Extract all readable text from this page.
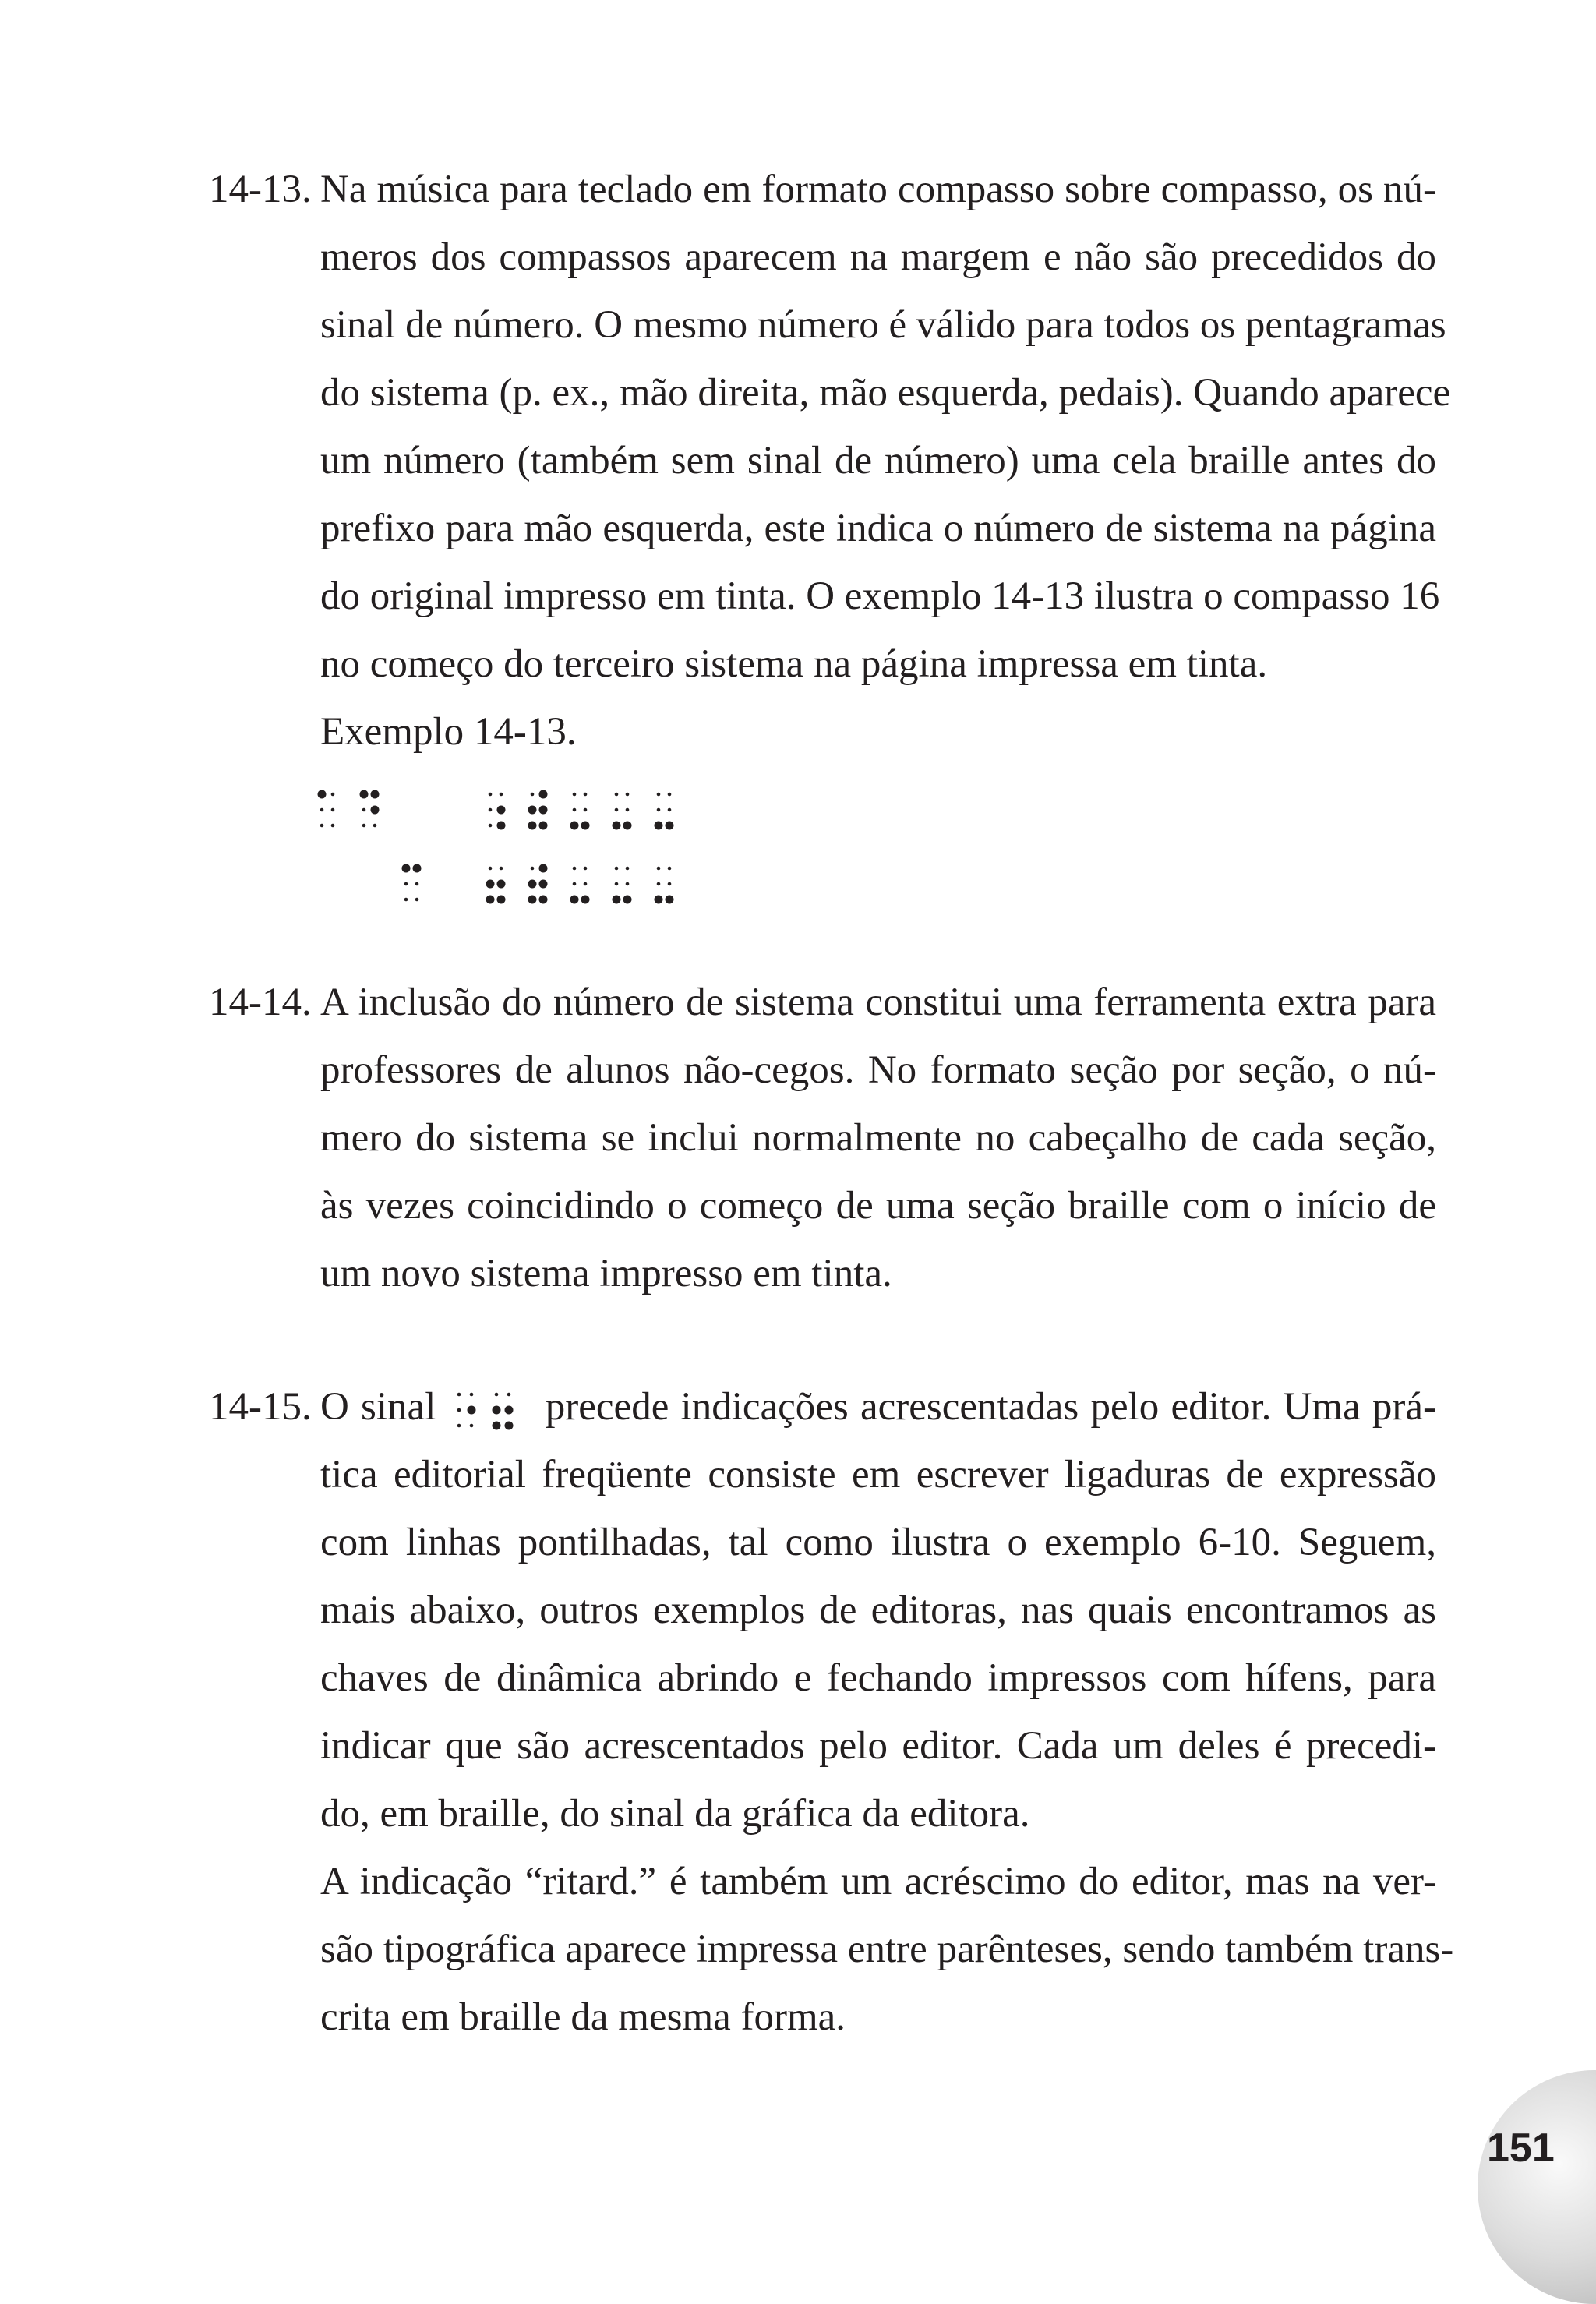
14-13. Na música para teclado em formato compasso sobre compasso, os nú-
meros dos compassos aparecem na margem e não são precedidos do
sinal de número. O mesmo número é válido para todos os pentagramas
do sistema (p. ex., mão direita, mão esquerda, pedais). Quando aparece
um número (também sem sinal de número) uma cela braille antes do
prefixo para mão esquerda, este indica o número de sistema na página
do original impresso em tinta. O exemplo 14-13 ilustra o compasso 16
no começo do terceiro sistema na página impressa em tinta.
Exemplo 14-13.
14-14. A inclusão do número de sistema constitui uma ferramenta extra para
professores de alunos não-cegos. No formato seção por seção, o nú-
mero do sistema se inclui normalmente no cabeçalho de cada seção,
às vezes coincidindo o começo de uma seção braille com o início de
um novo sistema impresso em tinta.
14-15. O sinal	precede indicações acrescentadas pelo editor. Uma prá-
tica editorial freqüente consiste em escrever ligaduras de expressão
com linhas pontilhadas, tal como ilustra o exemplo 6-10. Seguem,
mais abaixo, outros exemplos de editoras, nas quais encontramos as
chaves de dinâmica abrindo e fechando impressos com hífens, para
indicar que são acrescentados pelo editor. Cada um deles é precedi-
do, em braille, do sinal da gráfica da editora.
A indicação “ritard.” é também um acréscimo do editor, mas na ver-
são tipográfica aparece impressa entre parênteses, sendo também trans-
crita em braille da mesma forma.
151
